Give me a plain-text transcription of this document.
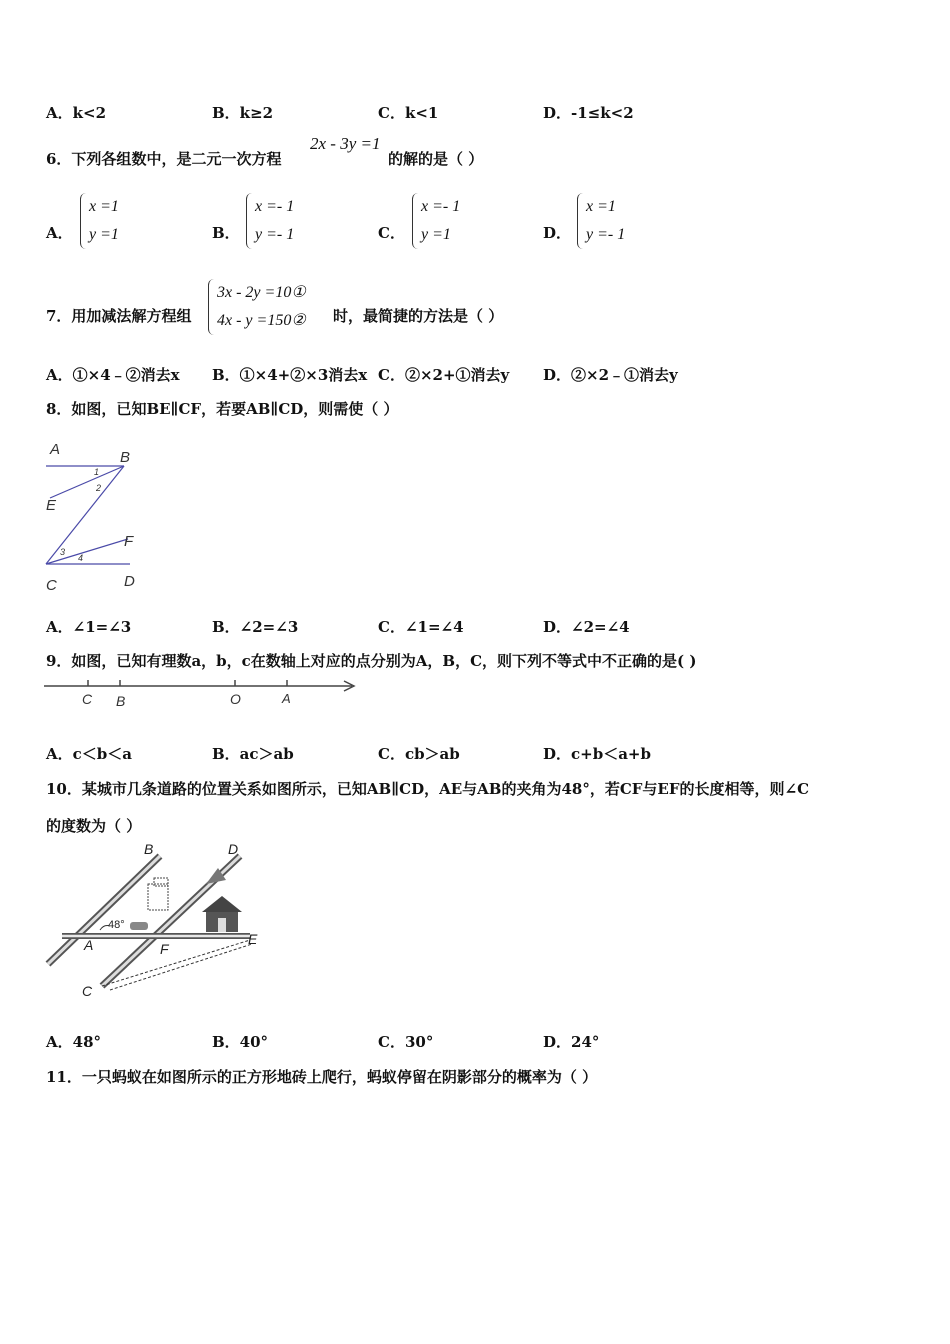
A．k<2	B．k≥2	C．k<1	D．-1≤k<2
6．下列各组数中，是二元一次方程
2x - 3y =1
的解的是（ ）
A．
x =1
y =1	B．
x =- 1
y =- 1	C．
x =- 1
y =1	D．
x =1
y =- 1
7．用加减法解方程组
3x - 2y =10①
4x - y =150② 时，最简捷的方法是（ ）
A．①×4﹣②消去x B．①×4+②×3消去x C．②×2+①消去y D．②×2﹣①消去y
8．如图，已知BE∥CF，若要AB∥CD，则需使（ ）
A	B
E
F
C	D
1
2
3
4
A．∠1=∠3	B．∠2=∠3	C．∠1=∠4	D．∠2=∠4
9．如图，已知有理数a，b，c在数轴上对应的点分别为A，B，C，则下列不等式中不正确的是( )
C B	O	A
A．c＜b＜a	B．ac＞ab	C．cb＞ab	D．c+b＜a+b
10．某城市几条道路的位置关系如图所示，已知AB∥CD，AE与AB的夹角为48°，若CF与EF的长度相等，则∠C
的度数为（ ）
B	D
A	F
E
C
48°
A．48°	B．40°	C．30°	D．24°
11．一只蚂蚁在如图所示的正方形地砖上爬行，蚂蚁停留在阴影部分的概率为（ ）
